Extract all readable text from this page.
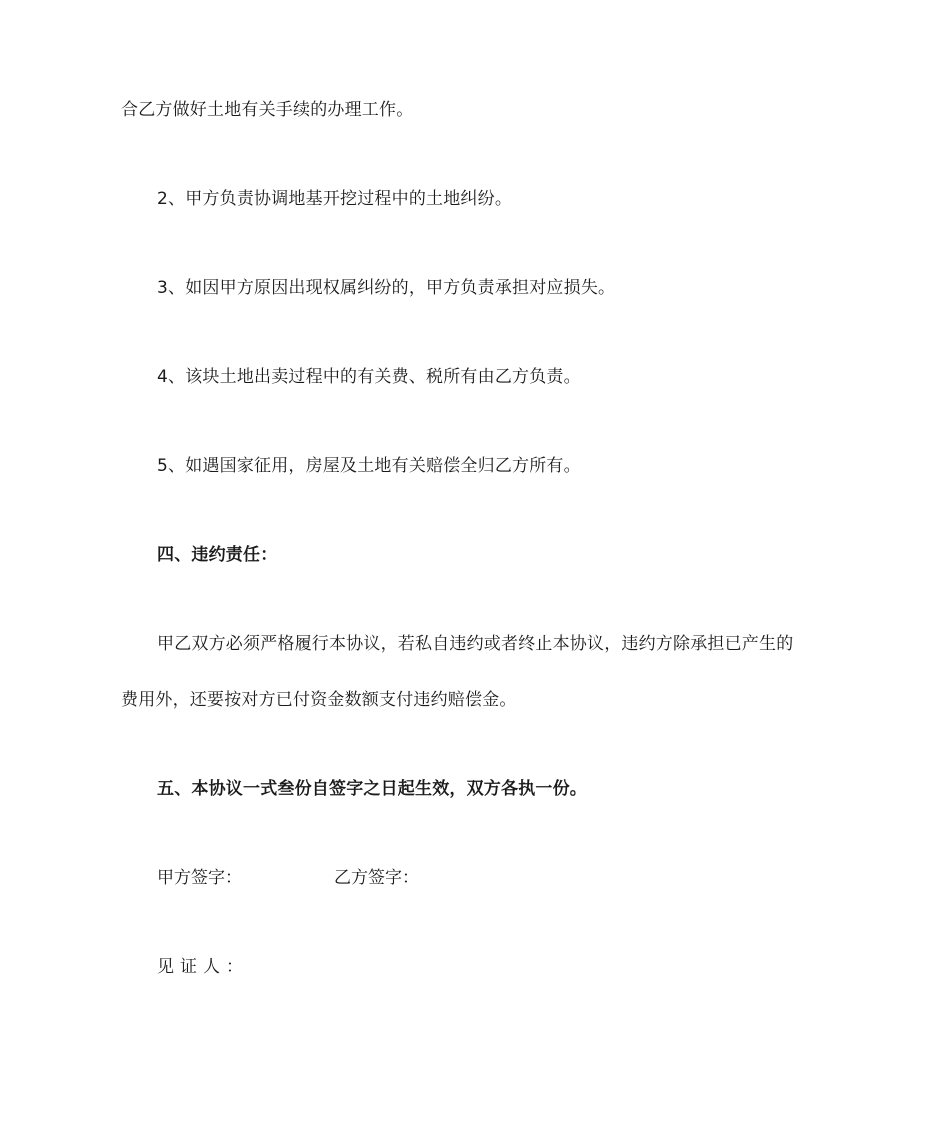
合乙方做好土地有关手续的办理工作。
2、甲方负责协调地基开挖过程中的土地纠纷。
3、如因甲方原因出现权属纠纷的，甲方负责承担对应损失。
4、该块土地出卖过程中的有关费、税所有由乙方负责。
5、如遇国家征用，房屋及土地有关赔偿全归乙方所有。
四、违约责任：
甲乙双方必须严格履行本协议，若私自违约或者终止本协议，违约方除承担已产生的
费用外，还要按对方已付资金数额支付违约赔偿金。
五、本协议一式叁份自签字之日起生效，双方各执一份。
甲方签字：	乙方签字：
见证人：
